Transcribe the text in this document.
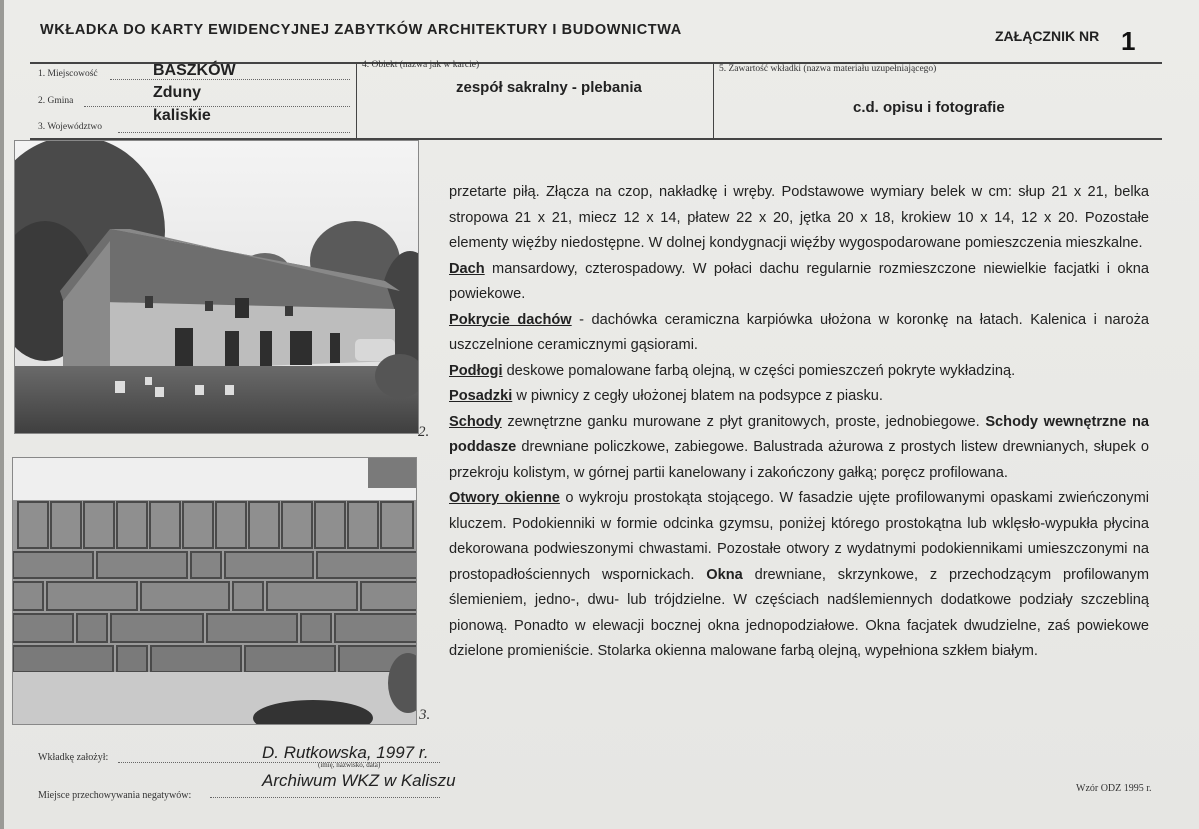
WKŁADKA DO KARTY EWIDENCYJNEJ ZABYTKÓW ARCHITEKTURY I BUDOWNICTWA	ZAŁĄCZNIK NR 1
1. Miejscowość	BASZKÓW
2. Gmina	Zduny
3. Województwo
kaliskie
4. Obiekt (nazwa jak w karcie)
zespół sakralny - plebania
5. Zawartość wkładki (nazwa materiału uzupełniającego)
c.d. opisu i fotografie
2.
3.

przetarte piłą. Złącza na czop, nakładkę i wręby. Podstawowe wymiary belek w cm: słup 21 x 21, belka stropowa 21 x 21, miecz 12 x 14, płatew 22 x 20, jętka 20 x 18, krokiew 10 x 14, 12 x 20. Pozostałe elementy więźby niedostępne. W dolnej kondygnacji więźby wygospodarowane pomieszczenia mieszkalne.

Dach mansardowy, czterospadowy. W połaci dachu regularnie rozmieszczone niewielkie facjatki i okna powiekowe.

Pokrycie dachów - dachówka ceramiczna karpiówka ułożona w koronkę na łatach. Kalenica i naroża uszczelnione ceramicznymi gąsiorami.

Podłogi deskowe pomalowane farbą olejną, w części pomieszczeń pokryte wykładziną.

Posadzki w piwnicy z cegły ułożonej blatem na podsypce z piasku.

Schody zewnętrzne ganku murowane z płyt granitowych, proste, jednobiegowe. Schody wewnętrzne na poddasze drewniane policzkowe, zabiegowe. Balustrada ażurowa z prostych listew drewnianych, słupek o przekroju kolistym, w górnej partii kanelowany i zakończony gałką; poręcz profilowana.

Otwory okienne o wykroju prostokąta stojącego. W fasadzie ujęte profilowanymi opaskami zwieńczonymi kluczem. Podokienniki w formie odcinka gzymsu, poniżej którego prostokątna lub wklęsło-wypukła płycina dekorowana podwieszonymi chwastami. Pozostałe otwory z wydatnymi podokiennikami umieszczonymi na prostopadłościennych wspornickach. Okna drewniane, skrzynkowe, z przechodzącym profilowanym ślemieniem, jedno-, dwu- lub trójdzielne. W częściach nadślemiennych dodatkowe podziały szczebliną pionową. Ponadto w elewacji bocznej okna jednopodziałowe. Okna facjatek dwudzielne, zaś powiekowe dzielone promieniście. Stolarka okienna malowane farbą olejną, wypełniona szkłem białym.

Wkładkę założył:	D. Rutkowska, 1997 r.
(imię, nazwisko, data)
Miejsce przechowywania negatywów:
Archiwum WKZ w Kaliszu	Wzór ODZ 1995 r.
